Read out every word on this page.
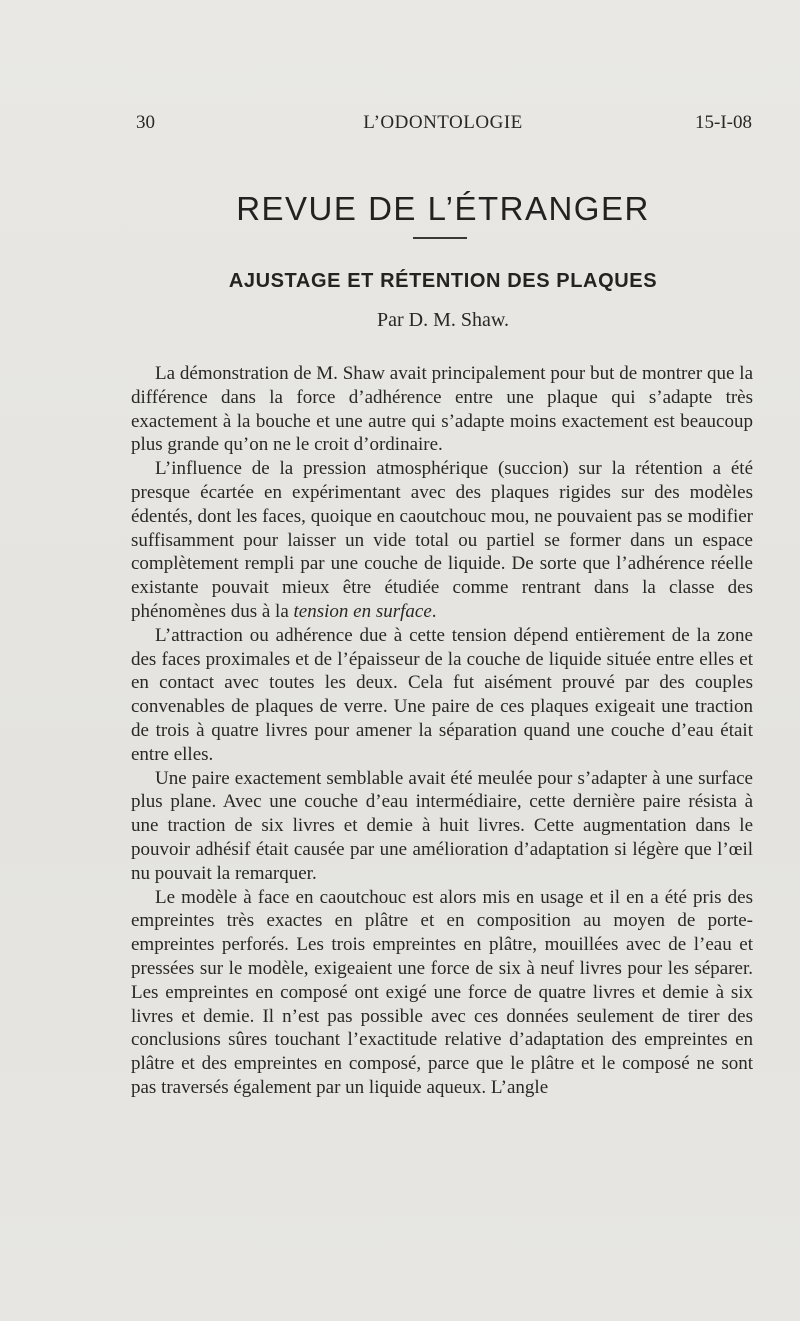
30	L’ODONTOLOGIE	15-I-08
REVUE DE L’ÉTRANGER
AJUSTAGE ET RÉTENTION DES PLAQUES
Par D. M. Shaw.

La démonstration de M. Shaw avait principalement pour but de montrer que la différence dans la force d’adhérence entre une plaque qui s’adapte très exactement à la bouche et une autre qui s’adapte moins exactement est beaucoup plus grande qu’on ne le croit d’ordinaire.

L’influence de la pression atmosphérique (succion) sur la rétention a été presque écartée en expérimentant avec des plaques rigides sur des modèles édentés, dont les faces, quoique en caoutchouc mou, ne pouvaient pas se modifier suffisamment pour laisser un vide total ou partiel se former dans un espace complètement rempli par une couche de liquide. De sorte que l’adhérence réelle existante pouvait mieux être étudiée comme rentrant dans la classe des phénomènes dus à la tension en surface.

L’attraction ou adhérence due à cette tension dépend entièrement de la zone des faces proximales et de l’épaisseur de la couche de liquide située entre elles et en contact avec toutes les deux. Cela fut aisément prouvé par des couples convenables de plaques de verre. Une paire de ces plaques exigeait une traction de trois à quatre livres pour amener la séparation quand une couche d’eau était entre elles.

Une paire exactement semblable avait été meulée pour s’adapter à une surface plus plane. Avec une couche d’eau intermédiaire, cette dernière paire résista à une traction de six livres et demie à huit livres. Cette augmentation dans le pouvoir adhésif était causée par une amélioration d’adaptation si légère que l’œil nu pouvait la remarquer.

Le modèle à face en caoutchouc est alors mis en usage et il en a été pris des empreintes très exactes en plâtre et en composition au moyen de porte-empreintes perforés. Les trois empreintes en plâtre, mouillées avec de l’eau et pressées sur le modèle, exigeaient une force de six à neuf livres pour les séparer. Les empreintes en composé ont exigé une force de quatre livres et demie à six livres et demie. Il n’est pas possible avec ces données seulement de tirer des conclusions sûres touchant l’exactitude relative d’adaptation des empreintes en plâtre et des empreintes en composé, parce que le plâtre et le composé ne sont pas traversés également par un liquide aqueux. L’angle
